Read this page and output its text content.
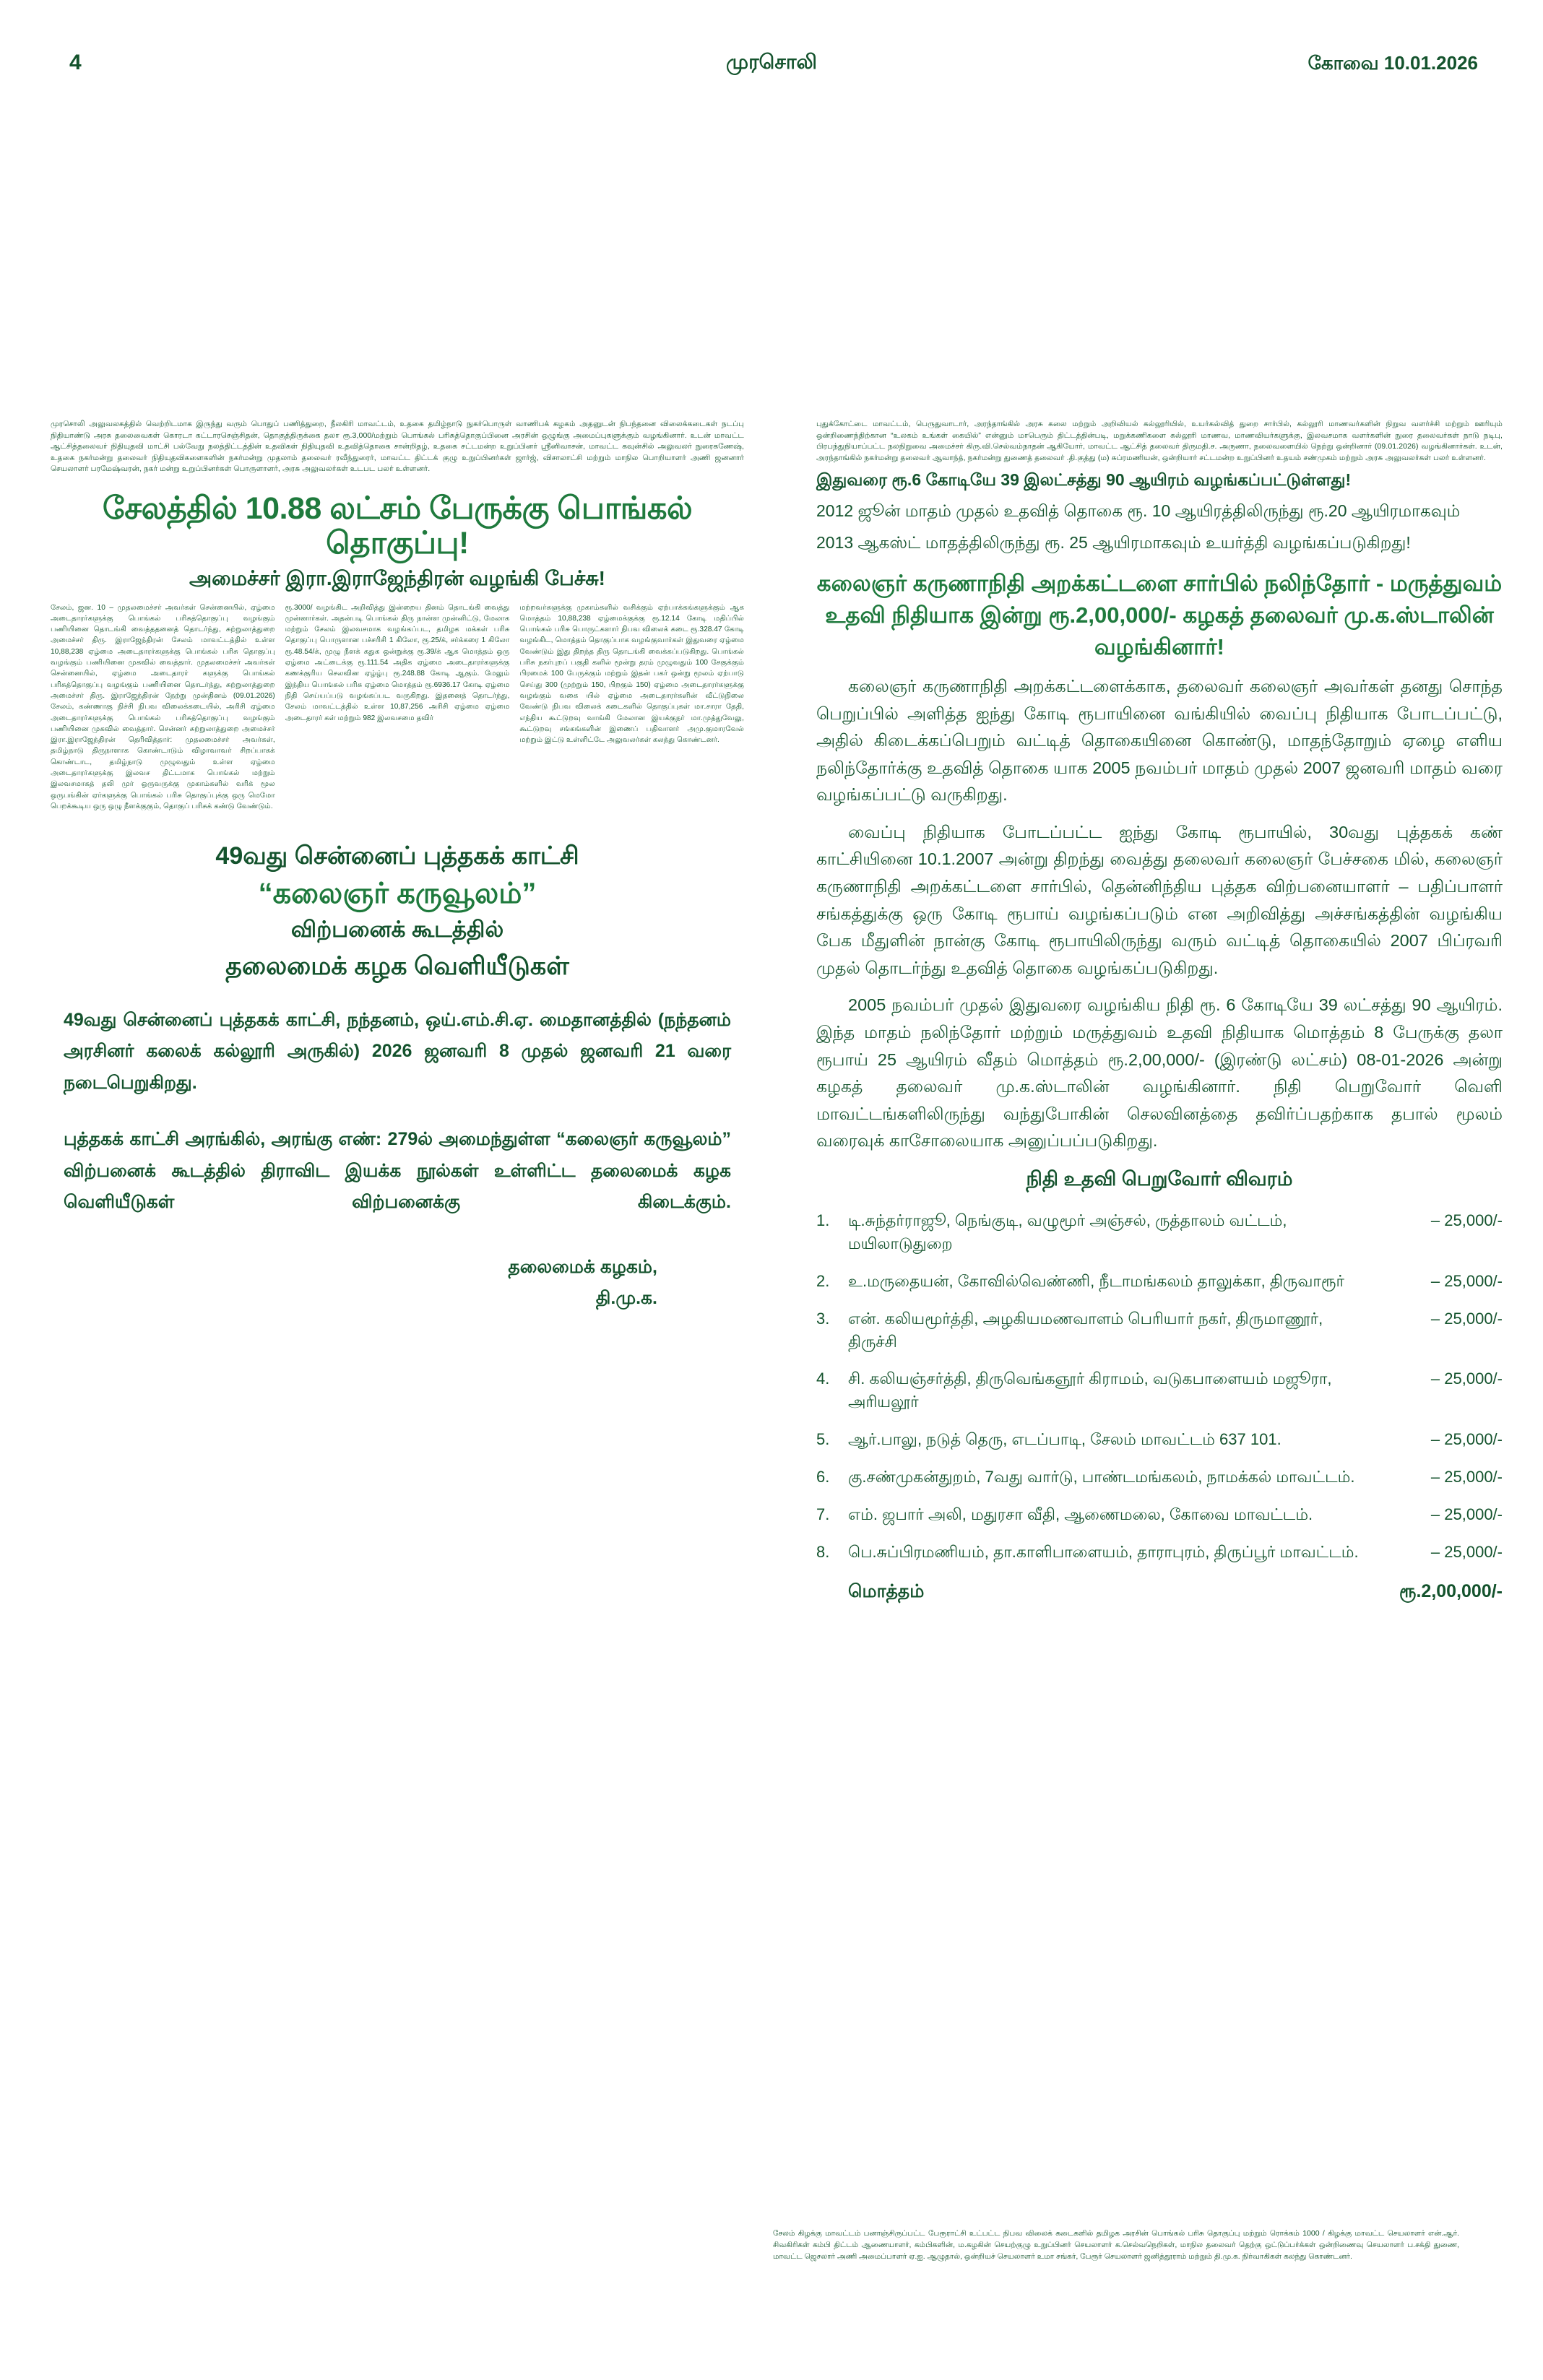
4	முரசொலி	கோவை 10.01.2026

முரசொலி அலுவலகத்தில் வெற்றிடமாக இருந்து வரும் பொதுப் பணித்துறை, நீலகிரி மாவட்டம், உதகை தமிழ்நாடு நுகர்பொருள் வாணிபக் கழகம் அதனுடன் நிபந்தனை விலைக்கடைகள் நடப்பு நிதியாண்டு அரசு தலைவைகள் கொரடா கட்டாரசெஞ்சிதன், தொகுத்திருக்கை தலா ரூ.3,000/மற்றும் பொங்கல் பரிசுத்தொகுப்பினை அரசின் ஒழுங்கு அமைப்புகளுக்கும் வழங்கினார். உடன் மாவட்ட ஆட்சித்தலைவர் நிதியுதவி மாட்சி பல்வேறு நலத்திட்டத்தின் உதவிகள் நிதியுதவி உதவித்தொகை சான்றிதழ், உதகை சட்டமன்ற உறுப்பினர் ஸ்ரீனிவாசன், மாவட்ட கவுன்சில் அலுவலர் நுரைகணேஷ், உதகை நகர்மன்று தலைவர் நிதியுதவிகளைகளின் நகர்மன்று முதலாம் தலைவர் ரவீந்துரைர், மாவட்ட திட்டக் குழு உறுப்பினர்கள் ஜார்ஜ், விசாலாட்சி மற்றும் மாநில பொறியாளர் அணி ஜனனார் செயலாளர் பரமேஷ்வரன், நகர் மன்று உறுப்பினர்கள் பொருளாளர், அரசு அலுவலர்கள் உடபட பலர் உள்ளனர்.

சேலத்தில் 10.88 லட்சம் பேருக்கு பொங்கல் தொகுப்பு!
அமைச்சர் இரா.இராஜேந்திரன் வழங்கி பேச்சு!

சேலம், ஜன. 10 – முதலமைச்சர் அவர்கள் சென்னையில், ஏழ்மை அடைதாரர்களுக்கு பொங்கல் பரிசுத்தொகுப்பு வழங்கும் பணியினை தொடங்கி வைத்ததனைத் தொடர்ந்து, சுற்றுலாத்துறை அமைச்சர் திரு. இராஜேந்திரன் சேலம் மாவட்டத்தில் உள்ள 10,88,238 ஏழ்மை அடைதாரர்களுக்கு பொங்கல் பரிசு தொகுப்பு வழங்கும் பணியினை முகவில் வைத்தார். முதலமைச்சர் அவர்கள் சென்னையில், ஏழ்மை அடைதாரர் களுக்கு பொங்கல் பரிசுத்தொகுப்பு வழங்கும் பணியினை தொடர்ந்து, சுற்றுலாத்துறை அமைச்சர் திரு. இராஜேந்திரன் நேற்று முன்தினம் (09.01.2026) சேலம், கண்ணாகு நிச்சி நிபவ விலைக்கடையில், அரிசி ஏழ்மை அடைதாரர்களுக்கு பொங்கல் பரிசுத்தொகுப்பு வழங்கும் பணியினை முகவில் வைத்தார். சென்னர் சுற்றுலாத்துறை அமைச்சர் இரா.இராஜேந்திரன் தெரிவித்தார்: முதலமைச்சர் அவர்கள், தமிழ்நாடு திருநாளாக கொண்டாடும் விழாவாவர் சிறப்பாகக் கொண்டாட, தமிழ்நாடு முழுவதும் உள்ள ஏழ்மை அடைதாரர்களுக்கு இலவச திட்டமாக பொங்கல் மற்றும் இலவசமாகத் தலி முர் ஒருவருக்கு முகாம்களில் வரிக் மூல ஒருபங்கின் ஏர்களுக்கு பொங்கல் பரிசு தொகுப்புக்கு ஒரு மெமோ பெறக்கூடிய ஒரு ஒழு நீளக்குகும், தொகுப் பரிசுக் கண்டு வேண்டும்.

ரூ.3000/ வழங்கிட அறிவித்து இன்றைய தினம் தொடங்கி வைத்து முன்னார்கள். அதன்படி பொங்கல் திரு நான்ள முன்னிட்டு, மேலாக மற்றும் சேலம் இலவசமாக வழங்கப்பட, தமிழக மக்கள் பரிசு தொகுப்பு பொருளான பச்சரிசி 1 கிலோ, ரூ.25/க், சர்க்கரை 1 கிலோ ரூ.48.54/க், முழு நீளக் கதுக ஒன்றுக்கு ரூ.39/க் ஆக மொத்தம் ஒரு ஏழ்மை அட்டைக்கு ரூ.111.54 அதிக ஏழ்மை அடைதாரர்களுக்கு கணக்குரிய செலவின ஏழ்ழ்பு ரூ.248.88 கோடி ஆகும். மேலும் இந்திய பொங்கல் பரிசு ஏழ்மை மொத்தம் ரூ.6936.17 கோடி ஏழ்மை நிதி செய்யப்படு வழங்கப்பட வருகிறது. இதனைத் தொடர்ந்து, சேலம் மாவட்டத்தில் உள்ள 10,87,256 அரிசி ஏழ்மை ஏழ்மை அடைதாரர் கள் மற்றும் 982 இலவசமை தவிர்

மற்றவர்களுக்கு முகாம்களில் வசிக்கும் ஏற்பாக்கங்களுக்கும் ஆக மொத்தம் 10,88,238 ஏழ்மைக்குக்கு ரூ.12.14 கோடி மதிப்பில் பொங்கல் பரிசு பொருட்களார் நிபவ விலைக் கடை ரூ.328.47 கோடி வழங்கிட, மொத்தம் தொகுப்பாக வழங்குவார்கள் இதுவரை ஏழ்மை வேண்டும் இது திறந்த திரு தொடங்கி வைக்கப்படுகிறது. பொங்கல் பரிசு நகர்புறப் பகுதி களில் மூன்று தரம் முழுவதும் 100 சேகுக்கும் பிரமைக் 100 பேருக்கும் மற்றும் இதன் பகர் ஒன்று மூலம் ஏற்பாடு செய்து 300 (முற்றும் 150, பிறகும் 150) ஏழ்மை அடைதாரர்களுக்கு வழங்கும் வகை யில் ஏழ்மை அடைதாரர்களின் வீட்டுநிலை வேண்டு நிபவ விலைக் கடைகளில் தொகுப்புகள் மா.சாரா தேதி, எந்திய கூட்டுறவு வாங்கி மேலான இயக்குநர் மா.முத்துவேலு, கூட்டுறவு சங்கங்களின் இணைப் பதிவாளர் அமு.குமாரவேல் மற்றும் இட்டு உள்ளிட்டே அலுவலர்கள் கலந்து கொண்டனர்.

49வது சென்னைப் புத்தகக் காட்சி
“கலைஞர் கருவூலம்”
விற்பனைக் கூடத்தில்
தலைமைக் கழக வெளியீடுகள்
49வது சென்னைப் புத்தகக் காட்சி, நந்தனம், ஒய்.எம்.சி.ஏ. மைதானத்தில் (நந்தனம் அரசினர் கலைக் கல்லூரி அருகில்) 2026 ஜனவரி 8 முதல் ஜனவரி 21 வரை நடைபெறுகிறது.
புத்தகக் காட்சி அரங்கில், அரங்கு எண்: 279ல் அமைந்துள்ள “கலைஞர் கருவூலம்” விற்பனைக் கூடத்தில் திராவிட இயக்க நூல்கள் உள்ளிட்ட தலைமைக் கழக வெளியீடுகள் விற்பனைக்கு கிடைக்கும்.
தலைமைக் கழகம்,
தி.மு.க.

புதுக்கோட்டை மாவட்டம், பெருதுவாடார், அரந்தாங்கில் அரசு கலை மற்றும் அறிவியல் கல்லூரியில், உயர்கல்வித் துறை சார்பில், கல்லூரி மாணவர்களின் நிறுவ வளர்ச்சி மற்றும் ஊரியும் ஒன்றிணைந்திற்கான “உலகம் உங்கள் கையில்” என்னும் மாபெரும் திட்டத்தின்படி, மறுக்கணிகளை கல்லூரி மாணவ, மாணவியர்களுக்கு, இலவசமாக வளர்களின் நுரை தலைவர்கள் நாடு நடிபு, பிரபந்துநியாப்பட்ட நலநிறுவை அமைச்சர் கிரு.வி.செல்வம்நாதன் ஆகியோர், மாவட்ட ஆட்சித் தலைவர் திருமதி.ச. அருணா, நலைவளையில் நெற்று ஒன்றினார் (09.01.2026) வழங்கினார்கள். உடன், அரந்தாங்கில் நகர்மன்று தலைவர் ஆவாந்த், நகர்மன்று துணைத் தலைவர் .தி.குத்து (ம) சுப்ரமணியன், ஒன்றியார் சட்டமன்ற உறுப்பினர் உதயம் சண்முகம் மற்றும் அரசு அலுவலர்கள் பலர் உள்ளனர்.

இதுவரை ரூ.6 கோடியே 39 இலட்சத்து 90 ஆயிரம் வழங்கப்பட்டுள்ளது!
2012 ஜூன் மாதம் முதல் உதவித் தொகை ரூ. 10 ஆயிரத்திலிருந்து ரூ.20 ஆயிரமாகவும்
2013 ஆகஸ்ட் மாதத்திலிருந்து ரூ. 25 ஆயிரமாகவும் உயர்த்தி வழங்கப்படுகிறது!
கலைஞர் கருணாநிதி அறக்கட்டளை சார்பில் நலிந்தோர் - மருத்துவம் உதவி நிதியாக இன்று ரூ.2,00,000/- கழகத் தலைவர் மு.க.ஸ்டாலின் வழங்கினார்!
கலைஞர் கருணாநிதி அறக்கட்டளைக்காக, தலைவர் கலைஞர் அவர்கள் தனது சொந்த பெறுப்பில் அளித்த ஐந்து கோடி ரூபாயினை வங்கியில் வைப்பு நிதியாக போடப்பட்டு, அதில் கிடைக்கப்பெறும் வட்டித் தொகையினை கொண்டு, மாதந்தோறும் ஏழை எளிய நலிந்தோர்க்கு உதவித் தொகை யாக 2005 நவம்பர் மாதம் முதல் 2007 ஜனவரி மாதம் வரை வழங்கப்பட்டு வருகிறது.
வைப்பு நிதியாக போடப்பட்ட ஐந்து கோடி ரூபாயில், 30வது புத்தகக் கண் காட்சியினை 10.1.2007 அன்று திறந்து வைத்து தலைவர் கலைஞர் பேச்சகை மில், கலைஞர் கருணாநிதி அறக்கட்டளை சார்பில், தென்னிந்திய புத்தக விற்பனையாளர் – பதிப்பாளர் சங்கத்துக்கு ஒரு கோடி ரூபாய் வழங்கப்படும் என அறிவித்து அச்சங்கத்தின் வழங்கிய பேக மீதுளின் நான்கு கோடி ரூபாயிலிருந்து வரும் வட்டித் தொகையில் 2007 பிப்ரவரி முதல் தொடர்ந்து உதவித் தொகை வழங்கப்படுகிறது.
2005 நவம்பர் முதல் இதுவரை வழங்கிய நிதி ரூ. 6 கோடியே 39 லட்சத்து 90 ஆயிரம். இந்த மாதம் நலிந்தோர் மற்றும் மருத்துவம் உதவி நிதியாக மொத்தம் 8 பேருக்கு தலா ரூபாய் 25 ஆயிரம் வீதம் மொத்தம் ரூ.2,00,000/- (இரண்டு லட்சம்) 08-01-2026 அன்று கழகத் தலைவர் மு.க.ஸ்டாலின் வழங்கினார். நிதி பெறுவோர் வெளி மாவட்டங்களிலிருந்து வந்துபோகின் செலவினத்தை தவிர்ப்பதற்காக தபால் மூலம் வரைவுக் காசோலையாக அனுப்பப்படுகிறது.
நிதி உதவி பெறுவோர் விவரம்
1.	டி.சுந்தர்ராஜூ, நெங்குடி, வழுமூர் அஞ்சல், ருத்தாலம் வட்டம், மயிலாடுதுறை	– 25,000/-
2.	உ.மருதையன், கோவில்வெண்ணி, நீடாமங்கலம் தாலுக்கா, திருவாரூர்	– 25,000/-
3.	என். கலியமூர்த்தி, அழகியமணவாளம் பெரியார் நகர், திருமாணூர், திருச்சி	– 25,000/-
4.	சி. கலியஞ்சர்த்தி, திருவெங்கஞூர் கிராமம், வடுகபாளையம் மஜூரா, அரியலூர்	– 25,000/-
5.	ஆர்.பாலு, நடுத் தெரு, எடப்பாடி, சேலம் மாவட்டம் 637 101.	– 25,000/-
6.	கு.சண்முகன்துறம், 7வது வார்டு, பாண்டமங்கலம், நாமக்கல் மாவட்டம்.	– 25,000/-
7.	எம். ஜபார் அலி, மதுரசா வீதி, ஆணைமலை, கோவை மாவட்டம்.	– 25,000/-
8.	பெ.சுப்பிரமணியம், தா.காளிபாளையம், தாராபுரம், திருப்பூர் மாவட்டம்.	– 25,000/-
	மொத்தம்	ரூ.2,00,000/-
சேலம் கிழக்கு மாவட்டம் பனாஞ்சிருப்பட்ட பேரூராட்சி உட்பட்ட நிபவ விலைக் கடைகளில் தமிழக அரசின் பொங்கல் பரிசு தொகுப்பு மற்றும் ரொக்கம் 1000 / கிழக்கு மாவட்ட செயலாளர் என்.ஆர். சிவகிரிகள் கம்பி திட்டம் ஆணையாளர், கம்பிகளின், ம.கழகின் செயற்குழு உறுப்பினர் செயலாளர் க.செல்வநெறிகள், மாநில தலைவர் தெற்கு ஒட்டுப்பர்க்கள் ஒன்றிணைவு செயலாளர் ப.சக்தி துணை, மாவட்ட ஜெசலார் அணி அமைப்பாளர் ஏ.ஐ. ஆழுதால், ஒன்றியச் செயலாளர் உமா சங்கர், பேரூர் செயலாளர் ஜனித்தூராம் மற்றும் தி.மு.க. நிர்வாகிகள் கலந்து கொண்டனர்.
